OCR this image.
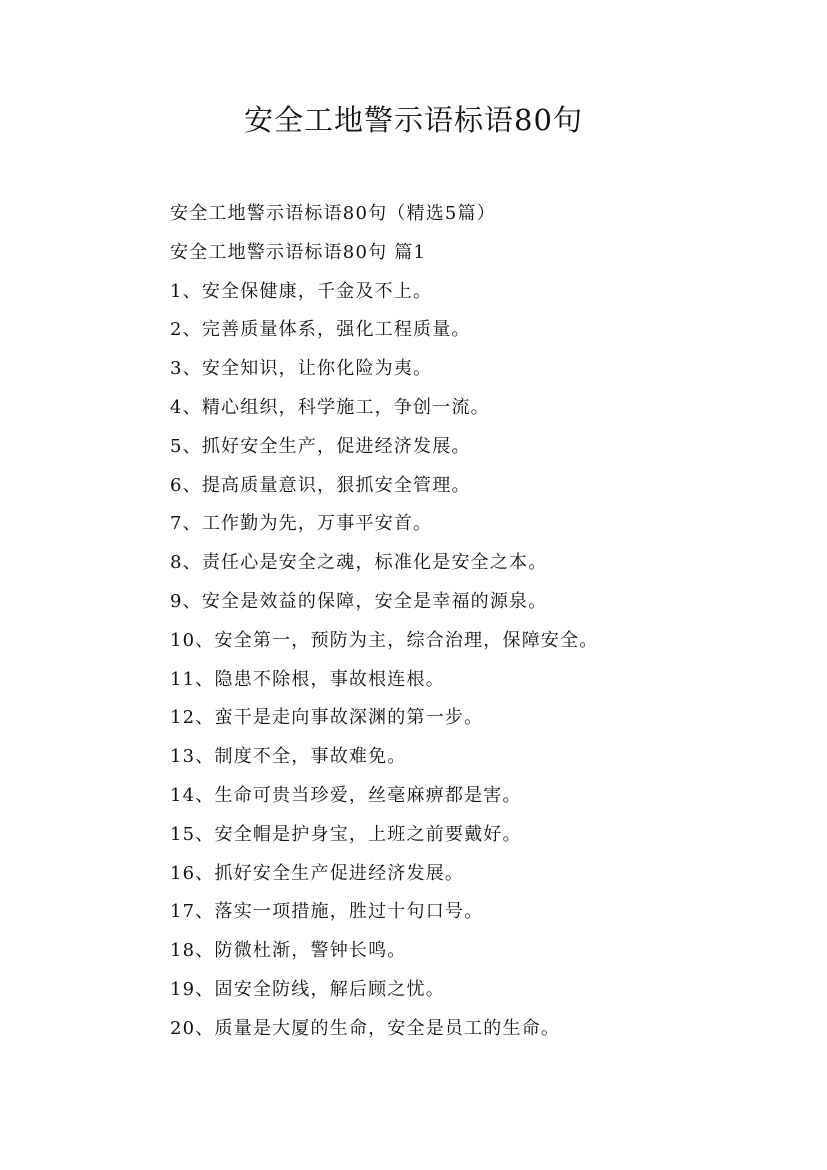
安全工地警示语标语80句
安全工地警示语标语80句（精选5篇）
安全工地警示语标语80句 篇1
1、安全保健康，千金及不上。
2、完善质量体系，强化工程质量。
3、安全知识，让你化险为夷。
4、精心组织，科学施工，争创一流。
5、抓好安全生产，促进经济发展。
6、提高质量意识，狠抓安全管理。
7、工作勤为先，万事平安首。
8、责任心是安全之魂，标准化是安全之本。
9、安全是效益的保障，安全是幸福的源泉。
10、安全第一，预防为主，综合治理，保障安全。
11、隐患不除根，事故根连根。
12、蛮干是走向事故深渊的第一步。
13、制度不全，事故难免。
14、生命可贵当珍爱，丝毫麻痹都是害。
15、安全帽是护身宝，上班之前要戴好。
16、抓好安全生产促进经济发展。
17、落实一项措施，胜过十句口号。
18、防微杜渐，警钟长鸣。
19、固安全防线，解后顾之忧。
20、质量是大厦的生命，安全是员工的生命。
